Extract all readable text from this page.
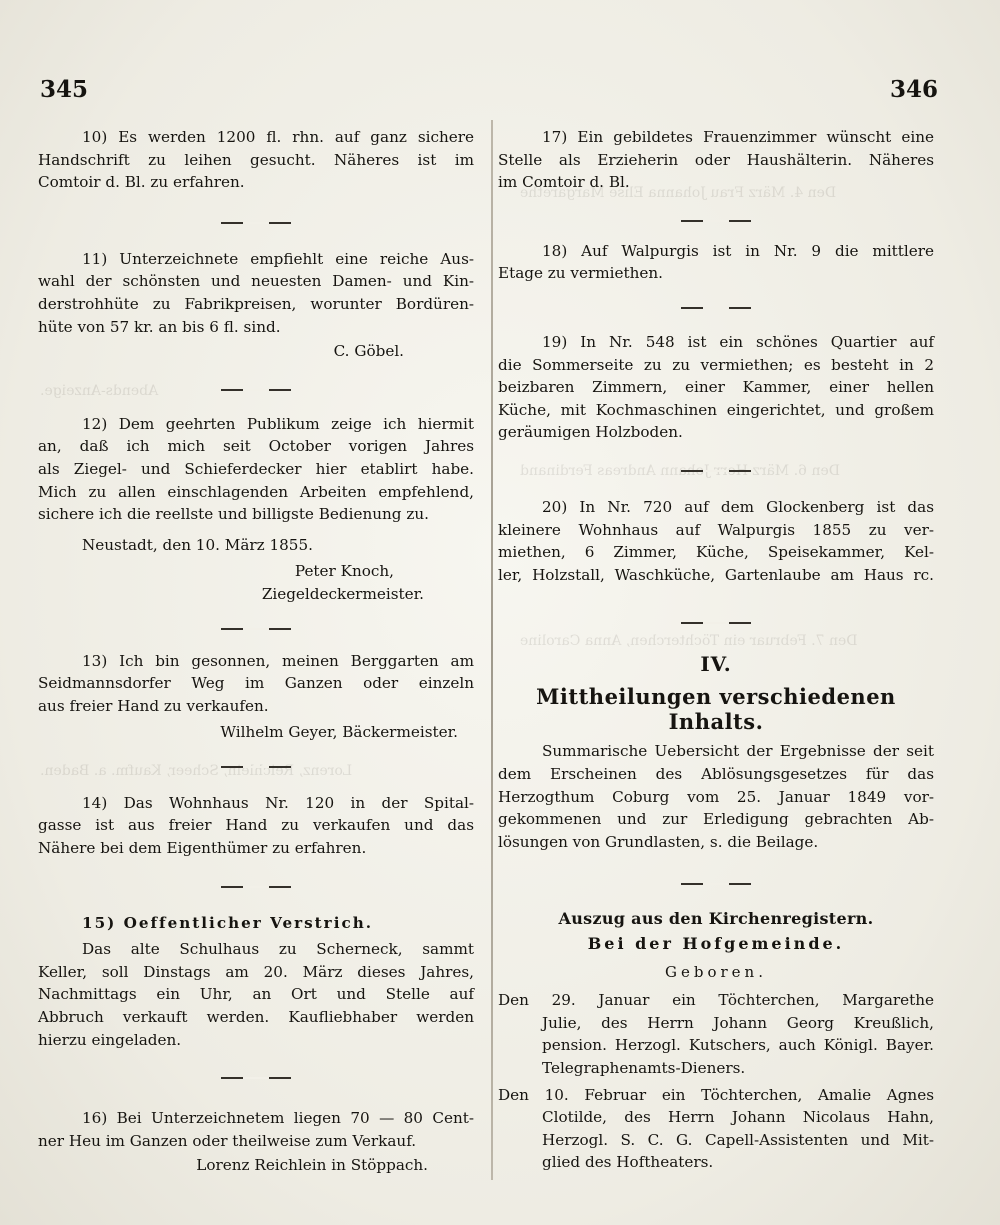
Den 4. März Frau Johanna Elise Margarethe
Abends-Anzeige.
Den 6. März Herr Johann Andreas Ferdinand
Den 7. Februar ein Töchterchen, Anna Caroline
Lorenz, Reichlein, Scheer, Kaufm. a. Baden.
345	346
10) Es werden 1200 fl. rhn. auf ganz sichere
Handschrift zu leihen gesucht. Näheres ist im
Comtoir d. Bl. zu erfahren.
11) Unterzeichnete empfiehlt eine reiche Aus-
wahl der schönsten und neuesten Damen- und Kin-
derstrohhüte zu Fabrikpreisen, worunter Bordüren-
hüte von 57 kr. an bis 6 fl. sind.
C. Göbel.
12) Dem geehrten Publikum zeige ich hiermit
an, daß ich mich seit October vorigen Jahres
als Ziegel- und Schieferdecker hier etablirt habe.
Mich zu allen einschlagenden Arbeiten empfehlend,
sichere ich die reellste und billigste Bedienung zu.
Neustadt, den 10. März 1855.
Peter Knoch,
Ziegeldeckermeister.
13) Ich bin gesonnen, meinen Berggarten am
Seidmannsdorfer Weg im Ganzen oder einzeln
aus freier Hand zu verkaufen.
Wilhelm Geyer, Bäckermeister.
14) Das Wohnhaus Nr. 120 in der Spital-
gasse ist aus freier Hand zu verkaufen und das
Nähere bei dem Eigenthümer zu erfahren.
15) Oeffentlicher Verstrich.
Das alte Schulhaus zu Scherneck, sammt
Keller, soll Dinstags am 20. März dieses Jahres,
Nachmittags ein Uhr, an Ort und Stelle auf
Abbruch verkauft werden. Kaufliebhaber werden
hierzu eingeladen.
16) Bei Unterzeichnetem liegen 70 — 80 Cent-
ner Heu im Ganzen oder theilweise zum Verkauf.
Lorenz Reichlein in Stöppach.
17) Ein gebildetes Frauenzimmer wünscht eine
Stelle als Erzieherin oder Haushälterin. Näheres
im Comtoir d. Bl.
18) Auf Walpurgis ist in Nr. 9 die mittlere
Etage zu vermiethen.
19) In Nr. 548 ist ein schönes Quartier auf
die Sommerseite zu zu vermiethen; es besteht in 2
beizbaren Zimmern, einer Kammer, einer hellen
Küche, mit Kochmaschinen eingerichtet, und großem
geräumigen Holzboden.
20) In Nr. 720 auf dem Glockenberg ist das
kleinere Wohnhaus auf Walpurgis 1855 zu ver-
miethen, 6 Zimmer, Küche, Speisekammer, Kel-
ler, Holzstall, Waschküche, Gartenlaube am Haus rc.
IV.
Mittheilungen verschiedenen Inhalts.
Summarische Uebersicht der Ergebnisse der seit
dem Erscheinen des Ablösungsgesetzes für das
Herzogthum Coburg vom 25. Januar 1849 vor-
gekommenen und zur Erledigung gebrachten Ab-
lösungen von Grundlasten, s. die Beilage.
Auszug aus den Kirchenregistern.
Bei der Hofgemeinde.
Geboren.
Den 29. Januar ein Töchterchen, Margarethe
Julie, des Herrn Johann Georg Kreußlich,
pension. Herzogl. Kutschers, auch Königl. Bayer.
Telegraphenamts-Dieners.
Den 10. Februar ein Töchterchen, Amalie Agnes
Clotilde, des Herrn Johann Nicolaus Hahn,
Herzogl. S. C. G. Capell-Assistenten und Mit-
glied des Hoftheaters.
